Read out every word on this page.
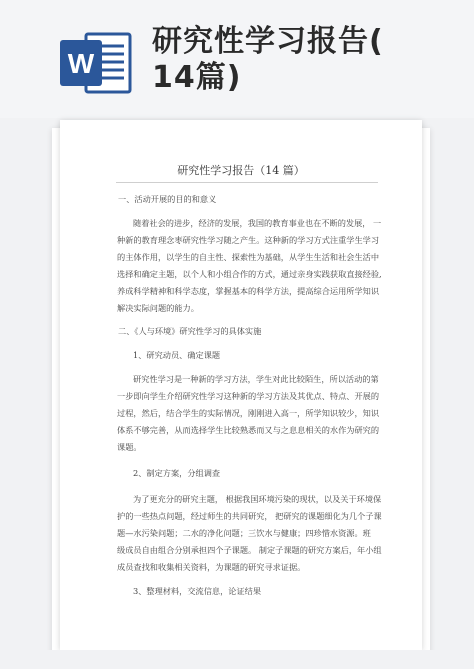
W
研究性学习报告(
14篇)

研究性学习报告（14 篇）

一、活动开展的目的和意义

随着社会的进步，经济的发展，我国的教育事业也在不断的发展， 一

种新的教育理念枣研究性学习随之产生。这种新的学习方式注重学生学习

的主体作用，以学生的自主性、探索性为基础，从学生生活和社会生活中

选择和确定主题，以个人和小组合作的方式，通过亲身实践获取直接经验,

养成科学精神和科学态度，掌握基本的科学方法，提高综合运用所学知识

解决实际问题的能力。

二、《人与环境》研究性学习的具体实施

1、研究动员、确定课题

研究性学习是一种新的学习方法，学生对此比较陌生，所以活动的第

一步即向学生介绍研究性学习这种新的学习方法及其优点、特点、开展的

过程，然后，结合学生的实际情况，刚刚进入高一，所学知识较少，知识

体系不够完善，从而选择学生比较熟悉而又与之息息相关的水作为研究的

课题。

2、制定方案，分组调查

为了更充分的研究主题， 根据我国环境污染的现状，以及关于环境保

护的一些热点问题，经过师生的共同研究， 把研究的课题细化为几个子课

题—水污染问题；二水的净化问题；三饮水与健康；四珍惜水资源。班

级成员自由组合分别承担四个子课题。 制定子课题的研究方案后，年小组

成员查找和收集相关资料，为课题的研究寻求证据。

3、整理材料，交流信息，论证结果
